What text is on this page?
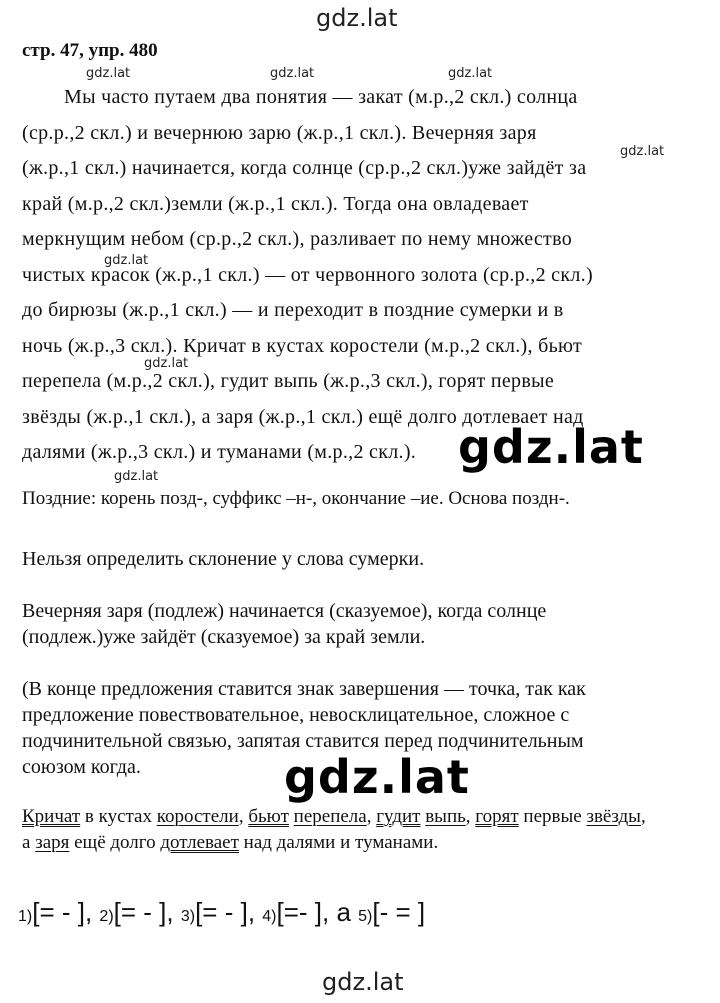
gdz.lat
gdz.lat	gdz.lat	gdz.lat
gdz.lat
gdz.lat
gdz.lat
gdz.lat
gdz.lat
gdz.lat
gdz.lat
стр. 47, упр. 480
Мы часто путаем два понятия — закат (м.р.,2 скл.) солнца
(ср.р.,2 скл.) и вечернюю зарю (ж.р.,1 скл.). Вечерняя заря
(ж.р.,1 скл.) начинается, когда солнце (ср.р.,2 скл.)уже зайдёт за
край (м.р.,2 скл.)земли (ж.р.,1 скл.). Тогда она овладевает
меркнущим небом (ср.р.,2 скл.), разливает по нему множество
чистых красок (ж.р.,1 скл.) — от червонного золота (ср.р.,2 скл.)
до бирюзы (ж.р.,1 скл.) — и переходит в поздние сумерки и в
ночь (ж.р.,3 скл.). Кричат в кустах коростели (м.р.,2 скл.), бьют
перепела (м.р.,2 скл.), гудит выпь (ж.р.,3 скл.), горят первые
звёзды (ж.р.,1 скл.), а заря (ж.р.,1 скл.) ещё долго дотлевает над
далями (ж.р.,3 скл.) и туманами (м.р.,2 скл.).
Поздние: корень позд-, суффикс –н-, окончание –ие. Основа поздн-.
Нельзя определить склонение у слова сумерки.
Вечерняя заря (подлеж) начинается (сказуемое), когда солнце
(подлеж.)уже зайдёт (сказуемое) за край земли.
(В конце предложения ставится знак завершения — точка, так как
предложение повествовательное, невосклицательное, сложное с
подчинительной связью, запятая ставится перед подчинительным
союзом когда.
Кричат в кустах коростели, бьют перепела, гудит выпь, горят первые звёзды,
а заря ещё долго дотлевает над далями и туманами.
1)[= - ], 2)[= - ], 3)[= - ], 4)[=- ], а 5)[- = ]
